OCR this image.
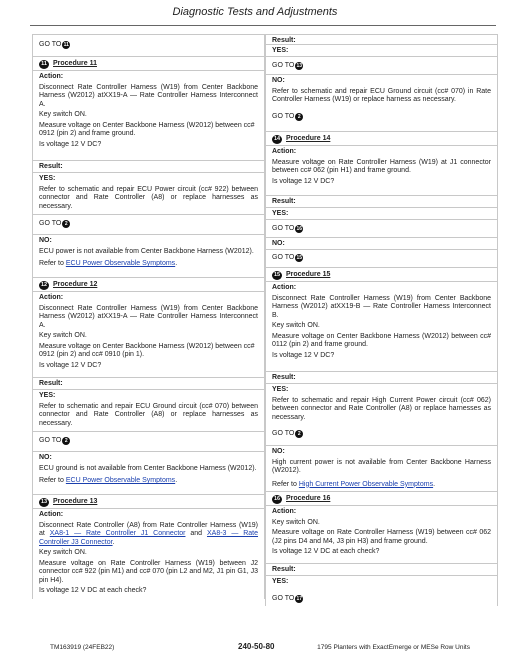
Diagnostic Tests and Adjustments
GO TO 11
11 Procedure 11

Action:

Disconnect Rate Controller Harness (W19) from Center Backbone Harness (W2012) atXX19-A — Rate Controller Harness Interconnect A.

Key switch ON.

Measure voltage on Center Backbone Harness (W2012) between cc# 0912 (pin 2) and frame ground.

Is voltage 12 V DC?

Result:

YES:

Refer to schematic and repair ECU Power circuit (cc# 922) between connector and Rate Controller (A8) or replace harnesses as necessary.

GO TO 2

NO:

ECU power is not available from Center Backbone Harness (W2012).

Refer to ECU Power Observable Symptoms.

12 Procedure 12

Action:

Disconnect Rate Controller Harness (W19) from Center Backbone Harness (W2012) atXX19-A — Rate Controller Harness Interconnect A.

Key switch ON.

Measure voltage on Center Backbone Harness (W2012) between cc# 0912 (pin 2) and cc# 0910 (pin 1).

Is voltage 12 V DC?

Result:

YES:

Refer to schematic and repair ECU Ground circuit (cc# 070) between connector and Rate Controller (A8) or replace harnesses as necessary.

GO TO 2

NO:

ECU ground is not available from Center Backbone Harness (W2012).

Refer to ECU Power Observable Symptoms.

13 Procedure 13

Action:

Disconnect Rate Controller (A8) from Rate Controller Harness (W19) at XA8-1 — Rate Controller J1 Connector and XA8-3 — Rate Controller J3 Connector.

Key switch ON.

Measure voltage on Rate Controller Harness (W19) between J2 connector cc# 922 (pin M1) and cc# 070 (pin L2 and M2, J1 pin G1, J3 pin H4).

Is voltage 12 V DC at each check?

Result:

YES:

GO TO 13

NO:

Refer to schematic and repair ECU Ground circuit (cc# 070) in Rate Controller Harness (W19) or replace harness as necessary.

GO TO 2
14 Procedure 14

Action:

Measure voltage on Rate Controller Harness (W19) at J1 connector between cc# 062 (pin H1) and frame ground.

Is voltage 12 V DC?

Result:

YES:

GO TO 16

NO:

GO TO 15
15 Procedure 15

Action:

Disconnect Rate Controller Harness (W19) from Center Backbone Harness (W2012) atXX19-B — Rate Controller Harness Interconnect B.

Key switch ON.

Measure voltage on Center Backbone Harness (W2012) between cc# 0112 (pin 2) and frame ground.

Is voltage 12 V DC?

Result:

YES:

Refer to schematic and repair High Current Power circuit (cc# 062) between connector and Rate Controller (A8) or replace harnesses as necessary.

GO TO 2

NO:

High current power is not available from Center Backbone Harness (W2012).

Refer to High Current Power Observable Symptoms.

16 Procedure 16

Action:

Key switch ON.

Measure voltage on Rate Controller Harness (W19) between cc# 062 (J2 pins D4 and M4, J3 pin H3) and frame ground.

Is voltage 12 V DC at each check?

Result:

YES:

GO TO 17
TM163919 (24FEB22)	240-50-80	1795 Planters with ExactEmerge or MESe Row Units
